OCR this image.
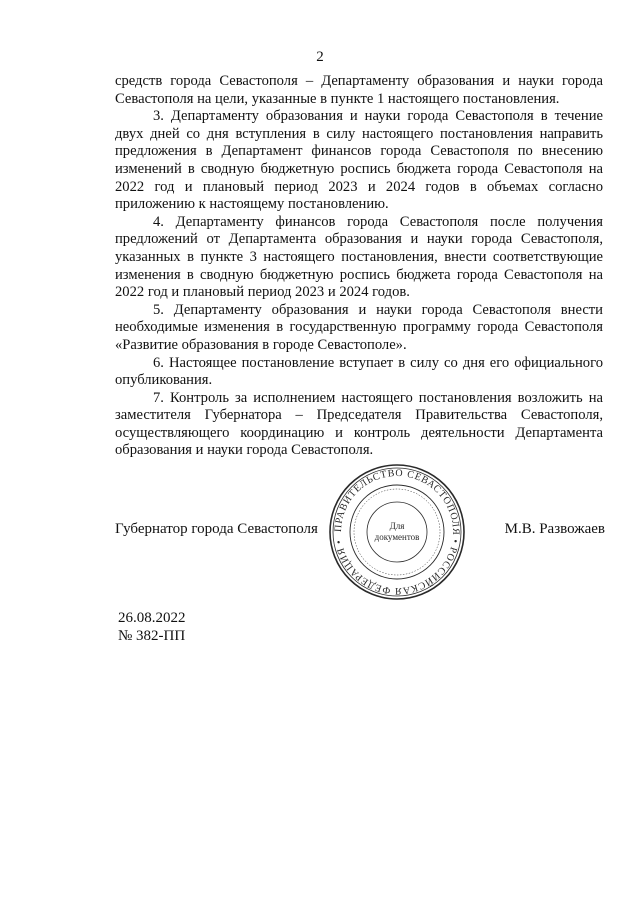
2

средств города Севастополя – Департаменту образования и науки города Севастополя на цели, указанные в пункте 1 настоящего постановления.

3. Департаменту образования и науки города Севастополя в течение двух дней со дня вступления в силу настоящего постановления направить предложения в Департамент финансов города Севастополя по внесению изменений в сводную бюджетную роспись бюджета города Севастополя на 2022 год и плановый период 2023 и 2024 годов в объемах согласно приложению к настоящему постановлению.

4. Департаменту финансов города Севастополя после получения предложений от Департамента образования и науки города Севастополя, указанных в пункте 3 настоящего постановления, внести соответствующие изменения в сводную бюджетную роспись бюджета города Севастополя на 2022 год и плановый период 2023 и 2024 годов.

5. Департаменту образования и науки города Севастополя внести необходимые изменения в государственную программу города Севастополя «Развитие образования в городе Севастополе».

6. Настоящее постановление вступает в силу со дня его официального опубликования.

7. Контроль за исполнением настоящего постановления возложить на заместителя Губернатора – Председателя Правительства Севастополя, осуществляющего координацию и контроль деятельности Департамента образования и науки города Севастополя.

Губернатор города Севастополя	М.В. Развожаев
ПРАВИТЕЛЬСТВО СЕВАСТОПОЛЯ • РОССИЙСКАЯ ФЕДЕРАЦИЯ •
Для
документов
26.08.2022
№ 382-ПП
